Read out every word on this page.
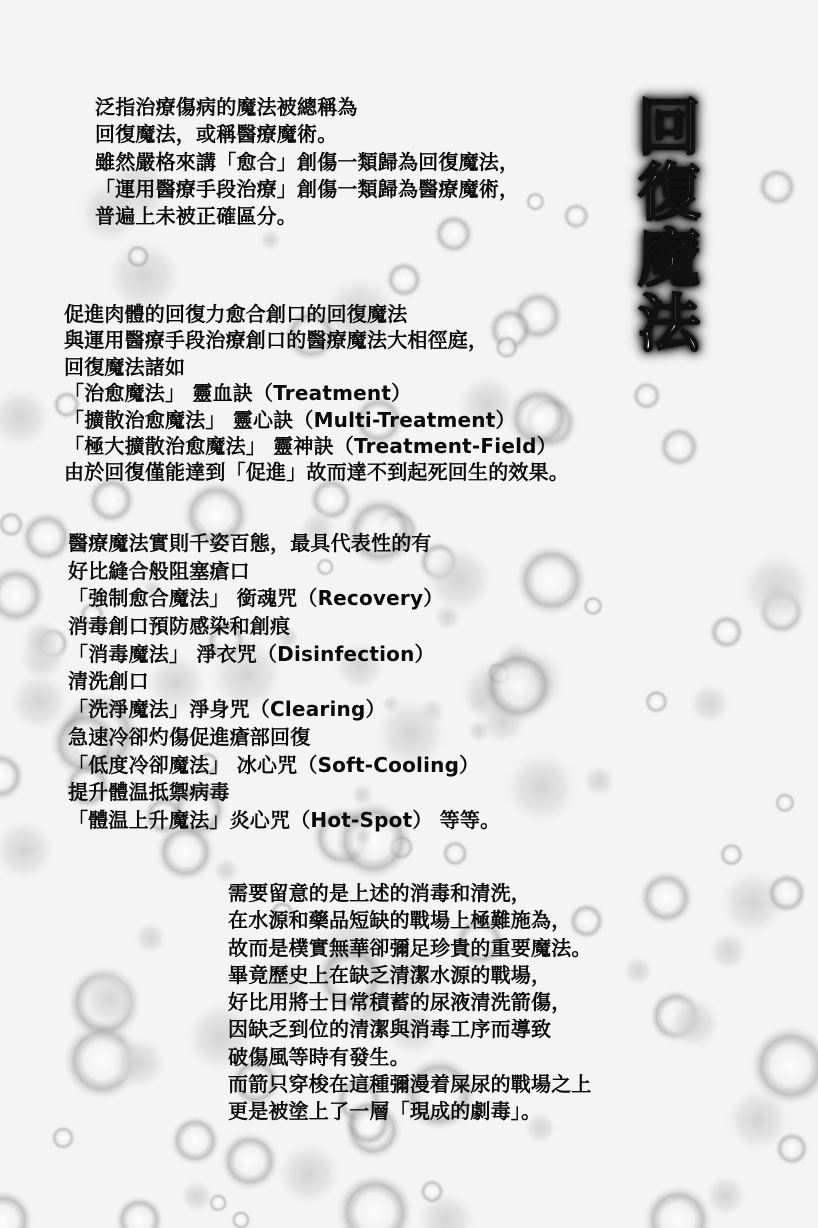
回
復
魔
法
泛指治療傷病的魔法被總稱為
回復魔法，或稱醫療魔術。
雖然嚴格來講「愈合」創傷一類歸為回復魔法，
「運用醫療手段治療」創傷一類歸為醫療魔術，
普遍上未被正確區分。
促進肉體的回復力愈合創口的回復魔法
與運用醫療手段治療創口的醫療魔法大相徑庭，
回復魔法諸如
「治愈魔法」 靈血訣（Treatment）
「擴散治愈魔法」 靈心訣（Multi-Treatment）
「極大擴散治愈魔法」 靈神訣（Treatment-Field）
由於回復僅能達到「促進」故而達不到起死回生的效果。
醫療魔法實則千姿百態，最具代表性的有
好比縫合般阻塞瘡口
「強制愈合魔法」 銜魂咒（Recovery）
消毒創口預防感染和創痕
「消毒魔法」 淨衣咒（Disinfection）
清洗創口
「洗淨魔法」淨身咒（Clearing）
急速冷卻灼傷促進瘡部回復
「低度冷卻魔法」 冰心咒（Soft-Cooling）
提升體温抵禦病毒
「體温上升魔法」炎心咒（Hot-Spot） 等等。
需要留意的是上述的消毒和清洗，
在水源和藥品短缺的戰場上極難施為，
故而是樸實無華卻彌足珍貴的重要魔法。
畢竟歷史上在缺乏清潔水源的戰場，
好比用將士日常積蓄的尿液清洗箭傷，
因缺乏到位的清潔與消毒工序而導致
破傷風等時有發生。
而箭只穿梭在這種彌漫着屎尿的戰場之上
更是被塗上了一層「現成的劇毒」。
